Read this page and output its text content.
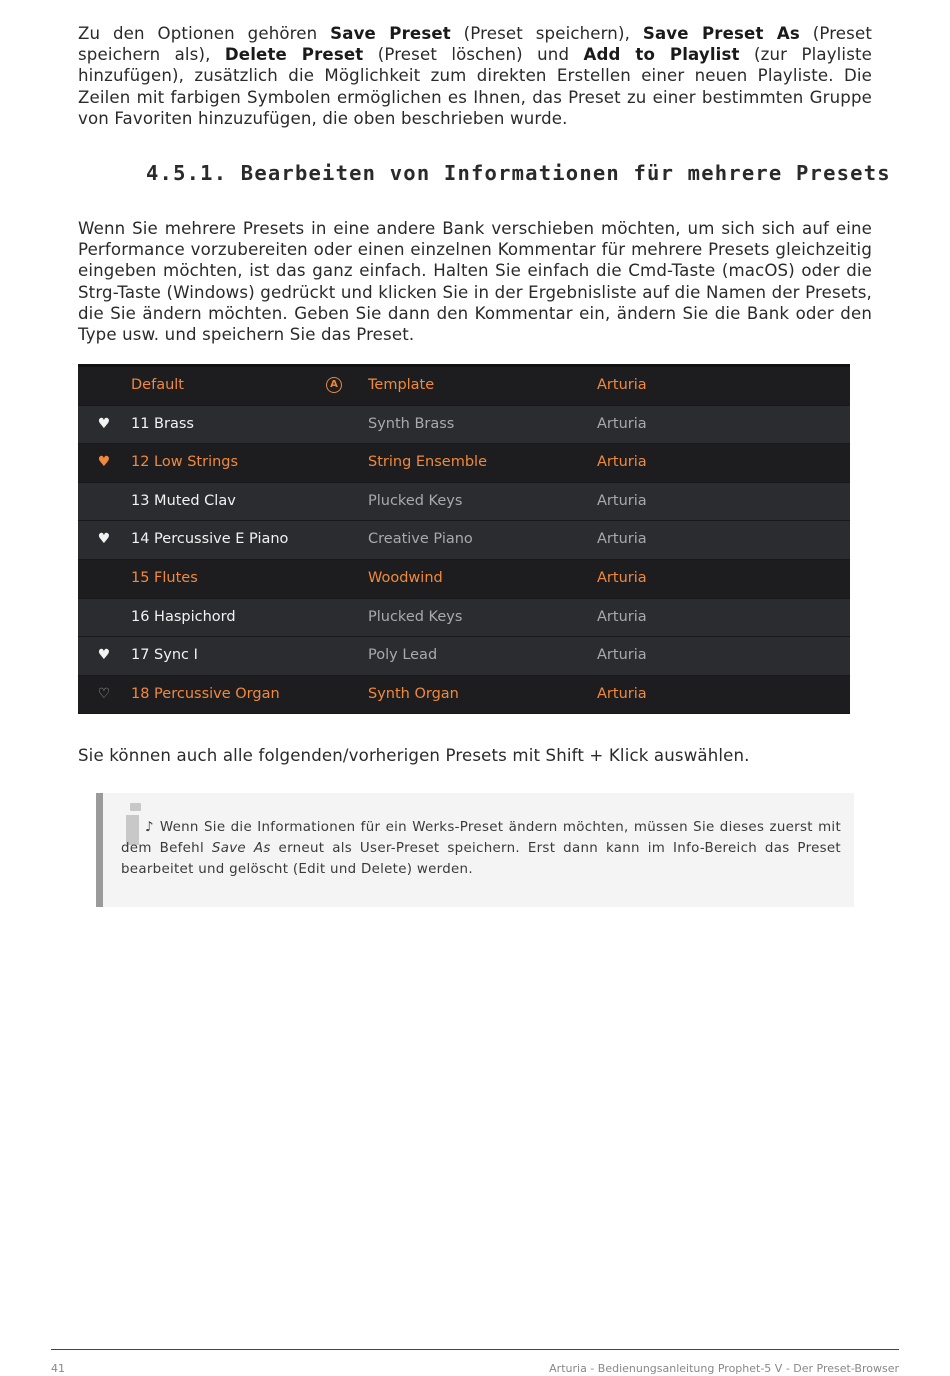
Zu den Optionen gehören Save Preset (Preset speichern), Save Preset As (Preset speichern als), Delete Preset (Preset löschen) und Add to Playlist (zur Playliste hinzufügen), zusätzlich die Möglichkeit zum direkten Erstellen einer neuen Playliste. Die Zeilen mit farbigen Symbolen ermöglichen es Ihnen, das Preset zu einer bestimmten Gruppe von Favoriten hinzuzufügen, die oben beschrieben wurde.

4.5.1. Bearbeiten von Informationen für mehrere Presets

Wenn Sie mehrere Presets in eine andere Bank verschieben möchten, um sich sich auf eine Performance vorzubereiten oder einen einzelnen Kommentar für mehrere Presets gleichzeitig eingeben möchten, ist das ganz einfach. Halten Sie einfach die Cmd-Taste (macOS) oder die Strg-Taste (Windows) gedrückt und klicken Sie in der Ergebnisliste auf die Namen der Presets, die Sie ändern möchten. Geben Sie dann den Kommentar ein, ändern Sie die Bank oder den Type usw. und speichern Sie das Preset.

Default	A Template	Arturia
♥ 11 Brass	Synth Brass	Arturia
♥ 12 Low Strings	String Ensemble	Arturia
13 Muted Clav	Plucked Keys	Arturia
♥ 14 Percussive E Piano	Creative Piano	Arturia
15 Flutes	Woodwind	Arturia
16 Haspichord	Plucked Keys	Arturia
♥ 17 Sync I	Poly Lead	Arturia
♡ 18 Percussive Organ	Synth Organ	Arturia

Sie können auch alle folgenden/vorherigen Presets mit Shift + Klick auswählen.

♪ Wenn Sie die Informationen für ein Werks-Preset ändern möchten, müssen Sie dieses zuerst mit dem Befehl Save As erneut als User-Preset speichern. Erst dann kann im Info-Bereich das Preset bearbeitet und gelöscht (Edit und Delete) werden.

41	Arturia - Bedienungsanleitung Prophet-5 V - Der Preset-Browser
